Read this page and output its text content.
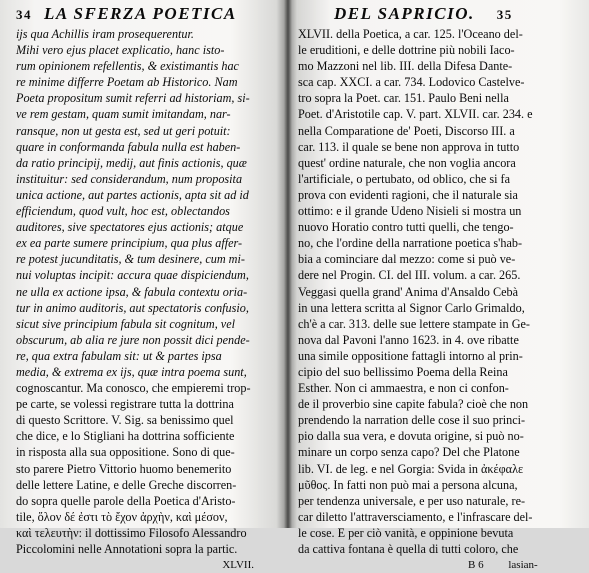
34 LA SFERZA POETICA
ijs qua Achillis iram prosequerentur.
Mihi vero ejus placet explicatio, hanc isto-
rum opinionem refellentis, & existimantis hac
re minime differre Poetam ab Historico. Nam
Poeta propositum sumit referri ad historiam, si-
ve rem gestam, quam sumit imitandam, nar-
ransque, non ut gesta est, sed ut geri potuit:
quare in conformanda fabula nulla est haben-
da ratio principij, medij, aut finis actionis, quæ
instituitur: sed considerandum, num proposita
unica actione, aut partes actionis, apta sit ad id
efficiendum, quod vult, hoc est, oblectandos
auditores, sive spectatores ejus actionis; atque
ex ea parte sumere principium, qua plus affer-
re potest jucunditatis, & tum desinere, cum mi-
nui voluptas incipit: accura quae dispiciendum,
ne ulla ex actione ipsa, & fabula contextu oria-
tur in animo auditoris, aut spectatoris confusio,
sicut sive principium fabula sit cognitum, vel
obscurum, ab alia re jure non possit dici pende-
re, qua extra fabulam sit: ut & partes ipsa
media, & extrema ex ijs, quæ intra poema sunt,
cognoscantur. Ma conosco, che empieremi trop-
pe carte, se volessi registrare tutta la dottrina
di questo Scrittore. V. Sig. sa benissimo quel
che dice, e lo Stigliani ha dottrina sofficiente
in risposta alla sua oppositione. Sono di que-
sto parere Pietro Vittorio huomo benemerito
delle lettere Latine, e delle Greche discorren-
do sopra quelle parole della Poetica d'Aristo-
tile, ὅλον δέ ἐστι τὸ ἔχον ἀρχὴν, καὶ μέσον,
καὶ τελευτὴν: il dottissimo Filosofo Alessandro
Piccolomini nelle Annotationi sopra la partic.
XLVII.
DEL SAPRICIO. 35
XLVII. della Poetica, a car. 125. l'Oceano del-
le eruditioni, e delle dottrine più nobili Iaco-
mo Mazzoni nel lib. III. della Difesa Dante-
sca cap. XXCI. a car. 734. Lodovico Castelve-
tro sopra la Poet. car. 151. Paulo Beni nella
Poet. d'Aristotile cap. V. part. XLVII. car. 234. e
nella Comparatione de' Poeti, Discorso III. a
car. 113. il quale se bene non approva in tutto
quest' ordine naturale, che non voglia ancora
l'artificiale, o pertubato, od oblico, che si fa
prova con evidenti ragioni, che il naturale sia
ottimo: e il grande Udeno Nisieli si mostra un
nuovo Horatio contro tutti quelli, che tengo-
no, che l'ordine della narratione poetica s'hab-
bia a cominciare dal mezzo: come si può ve-
dere nel Progin. CI. del III. volum. a car. 265.
Veggasi quella grand' Anima d'Ansaldo Cebà
in una lettera scritta al Signor Carlo Grimaldo,
ch'è a car. 313. delle sue lettere stampate in Ge-
nova dal Pavoni l'anno 1623. in 4. ove ribatte
una simile oppositione fattagli intorno al prin-
cipio del suo bellissimo Poema della Reina
Esther. Non ci ammaestra, e non ci confon-
de il proverbio sine capite fabula? cioè che non
prendendo la narration delle cose il suo princi-
pio dalla sua vera, e dovuta origine, si può no-
minare un corpo senza capo? Del che Platone
lib. VI. de leg. e nel Gorgia: Svida in ἀκέφαλε
μῦθος. In fatti non può mai a persona alcuna,
per tendenza universale, e per uso naturale, re-
car diletto l'attraversciamento, e l'infrascare del-
le cose. E per ciò vanità, e oppinione bevuta
da cattiva fontana è quella di tutti coloro, che
B 6 lasian-
